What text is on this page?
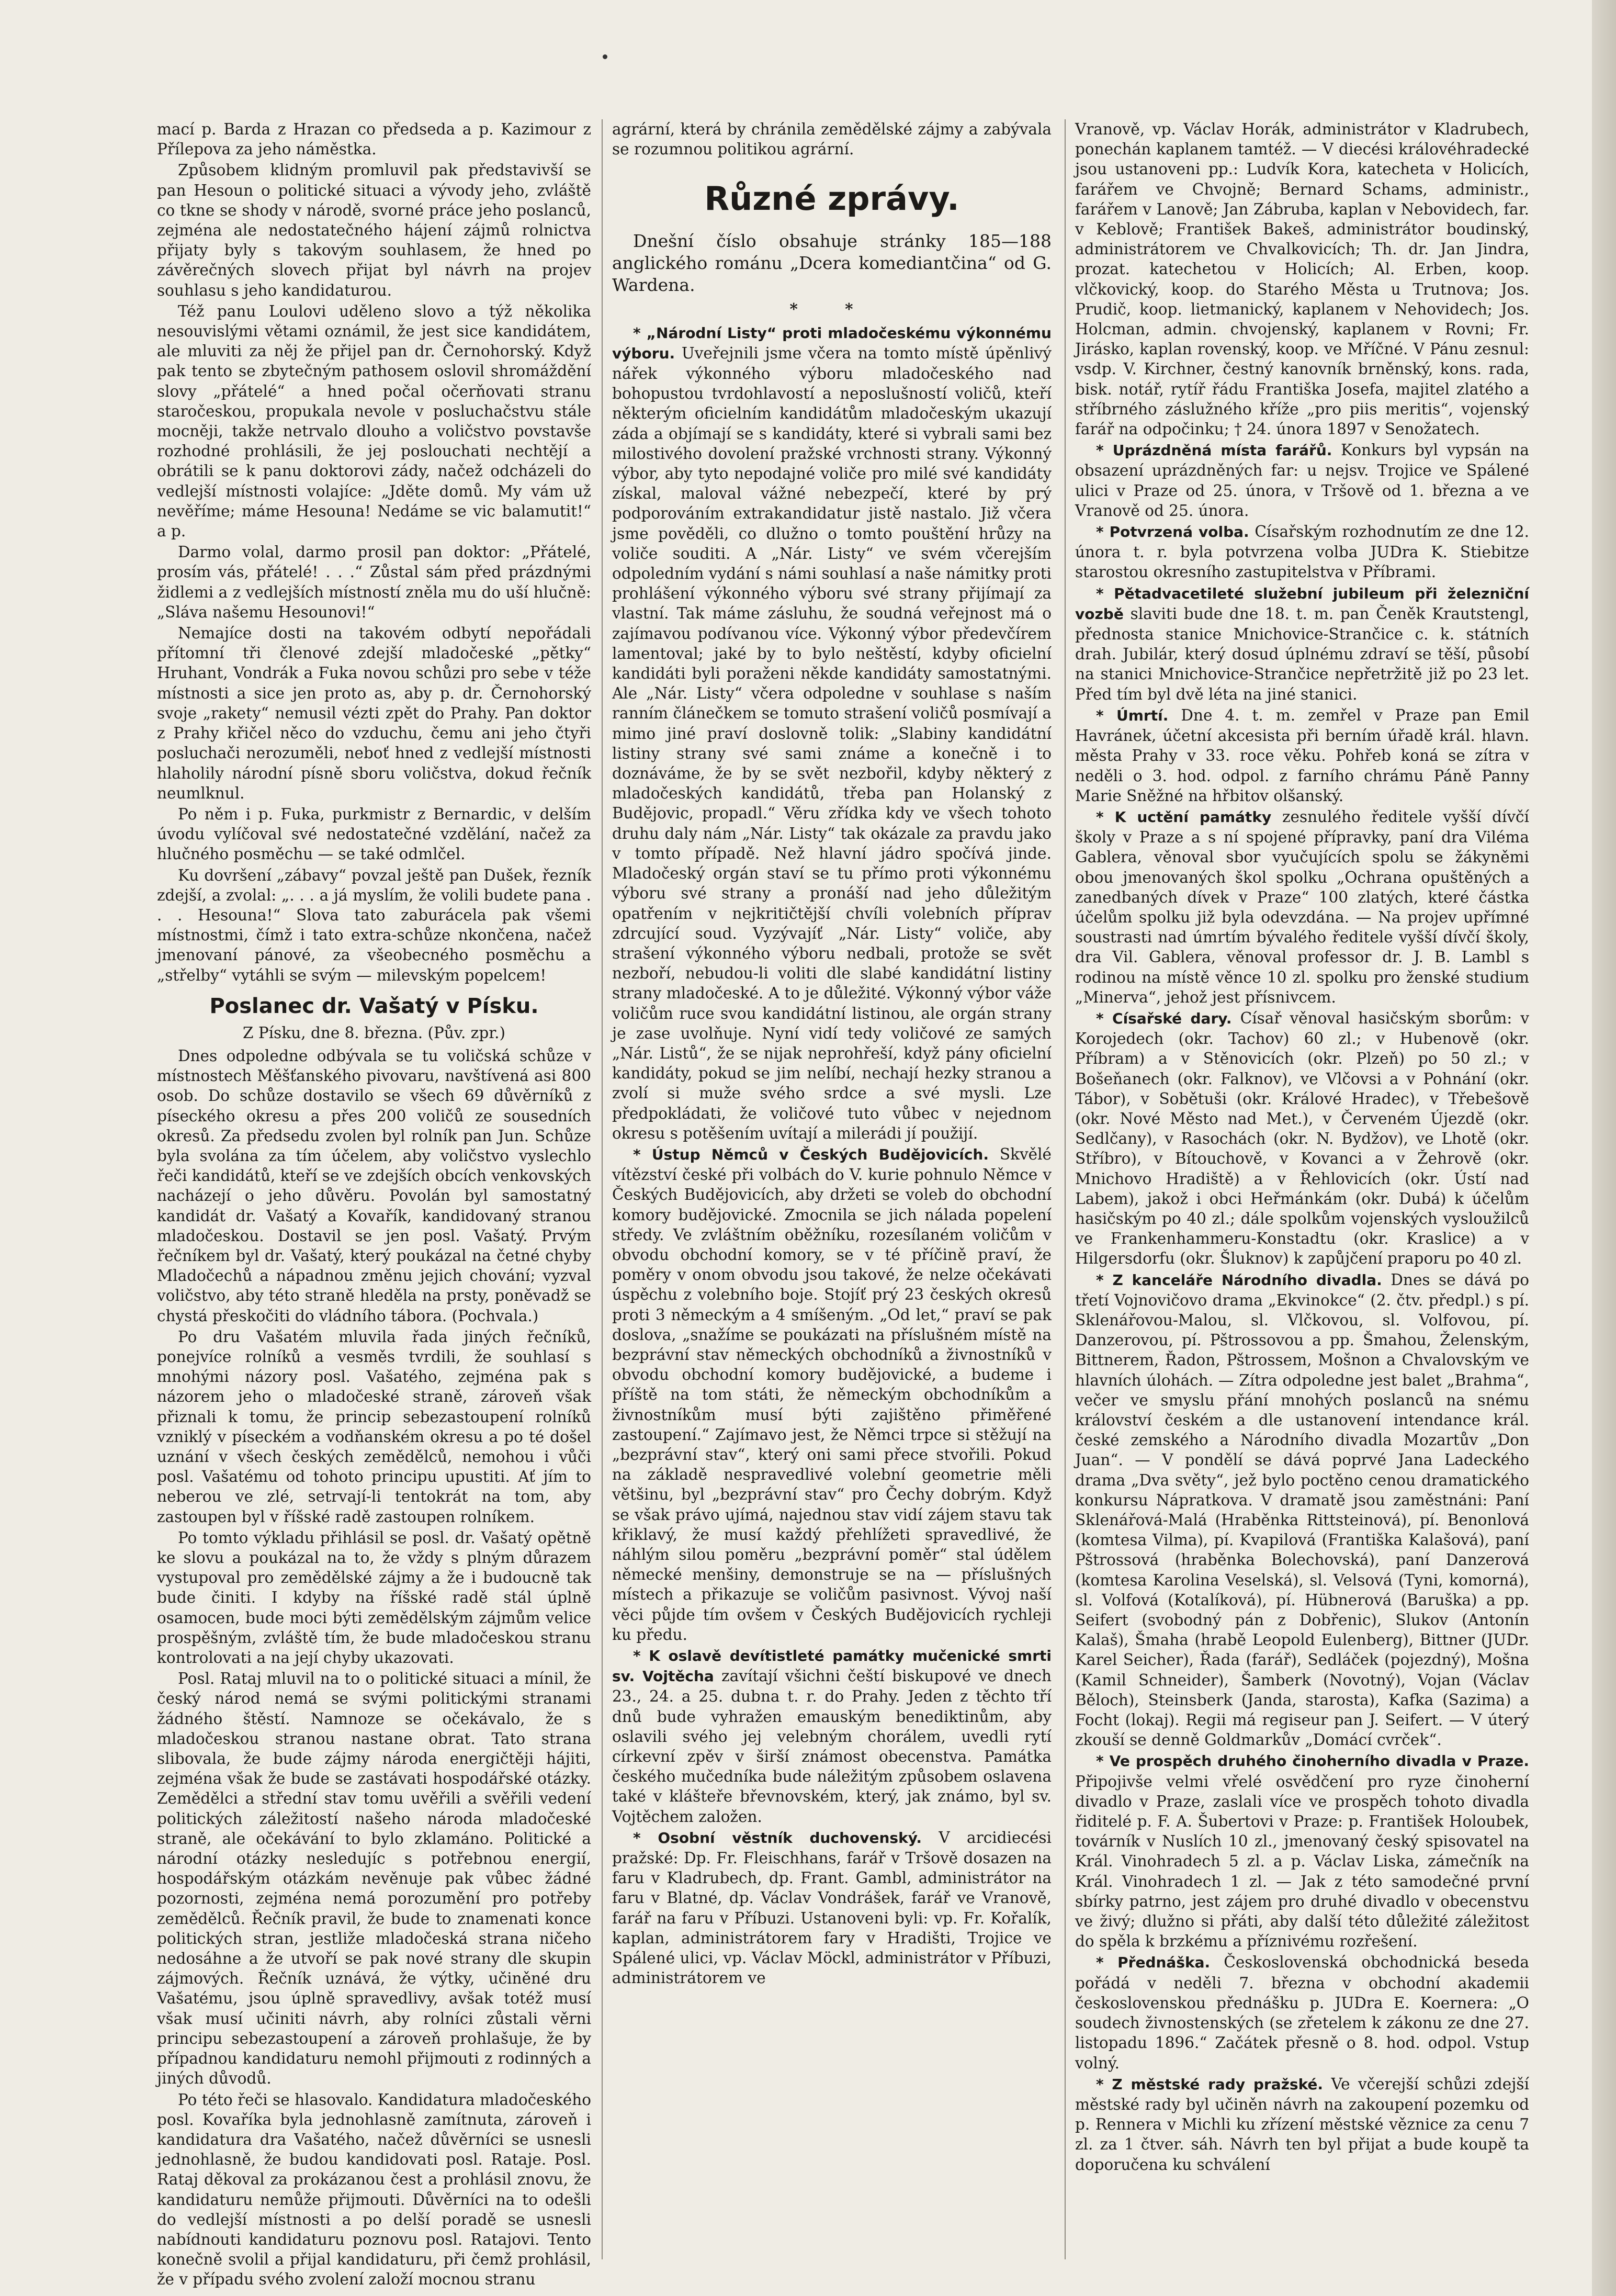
mací p. Barda z Hrazan co předseda a p. Kazimour z Přílepova za jeho náměstka.

Způsobem klidným promluvil pak představivší se pan Hesoun o politické situaci a vývody jeho, zvláště co tkne se shody v národě, svorné práce jeho poslanců, zejména ale nedostatečného hájení zájmů rolnictva přijaty byly s takovým souhlasem, že hned po závěrečných slovech přijat byl návrh na projev souhlasu s jeho kandidaturou.

Též panu Loulovi uděleno slovo a týž několika nesouvislými větami oznámil, že jest sice kandidátem, ale mluviti za něj že přijel pan dr. Černohorský. Když pak tento se zbytečným pathosem oslovil shromáždění slovy „přátelé“ a hned počal očerňovati stranu staročeskou, propukala nevole v posluchačstvu stále mocněji, takže netrvalo dlouho a voličstvo povstavše rozhodné prohlásili, že jej poslouchati nechtějí a obrátili se k panu doktorovi zády, načež odcházeli do vedlejší místnosti volajíce: „Jděte domů. My vám už nevěříme; máme Hesouna! Nedáme se vic balamutit!“ a p.

Darmo volal, darmo prosil pan doktor: „Přátelé, prosím vás, přátelé! . . .“ Zůstal sám před prázdnými židlemi a z vedlejších místností zněla mu do uší hlučně: „Sláva našemu Hesounovi!“

Nemajíce dosti na takovém odbytí nepořádali přítomní tři členové zdejší mladočeské „pětky“ Hruhant, Vondrák a Fuka novou schůzi pro sebe v téže místnosti a sice jen proto as, aby p. dr. Černohorský svoje „rakety“ nemusil vézti zpět do Prahy. Pan doktor z Prahy křičel něco do vzduchu, čemu ani jeho čtyři posluchači nerozuměli, neboť hned z vedlejší místnosti hlaholily národní písně sboru voličstva, dokud řečník neumlknul.

Po něm i p. Fuka, purkmistr z Bernardic, v delším úvodu vylíčoval své nedostatečné vzdělání, načež za hlučného posměchu — se také odmlčel.

Ku dovršení „zábavy“ povzal ještě pan Dušek, řezník zdejší, a zvolal: „. . . a já myslím, že volili budete pana . . . Hesouna!“ Slova tato zaburácela pak všemi místnostmi, čímž i tato extra-schůze nkončena, načež jmenovaní pánové, za všeobecného posměchu a „střelby“ vytáhli se svým — milevským popelcem!

Poslanec dr. Vašatý v Písku.

Z Písku, dne 8. března. (Pův. zpr.)

Dnes odpoledne odbývala se tu voličská schůze v místnostech Měšťanského pivovaru, navštívená asi 800 osob. Do schůze dostavilo se všech 69 důvěrníků z píseckého okresu a přes 200 voličů ze sousedních okresů. Za předsedu zvolen byl rolník pan Jun. Schůze byla svolána za tím účelem, aby voličstvo vyslechlo řeči kandidátů, kteří se ve zdejších obcích venkovských nacházejí o jeho důvěru. Povolán byl samostatný kandidát dr. Vašatý a Kovařík, kandidovaný stranou mladočeskou. Dostavil se jen posl. Vašatý. Prvým řečníkem byl dr. Vašatý, který poukázal na četné chyby Mladočechů a nápadnou změnu jejich chování; vyzval voličstvo, aby této straně hleděla na prsty, poněvadž se chystá přeskočiti do vládního tábora. (Pochvala.)

Po dru Vašatém mluvila řada jiných řečníků, ponejvíce rolníků a vesměs tvrdili, že souhlasí s mnohými názory posl. Vašatého, zejména pak s názorem jeho o mladočeské straně, zároveň však přiznali k tomu, že princip sebezastoupení rolníků vzniklý v píseckém a vodňanském okresu a po té došel uznání v všech českých zemědělců, nemohou i vůči posl. Vašatému od tohoto principu upustiti. Ať jím to neberou ve zlé, setrvají-li tentokrát na tom, aby zastoupen byl v říšské radě zastoupen rolníkem.

Po tomto výkladu přihlásil se posl. dr. Vašatý opětně ke slovu a poukázal na to, že vždy s plným důrazem vystupoval pro zemědělské zájmy a že i budoucně tak bude činiti. I kdyby na říšské radě stál úplně osamocen, bude moci býti zemědělským zájmům velice prospěšným, zvláště tím, že bude mladočeskou stranu kontrolovati a na její chyby ukazovati.

Posl. Rataj mluvil na to o politické situaci a mínil, že český národ nemá se svými politickými stranami žádného štěstí. Namnoze se očekávalo, že s mladočeskou stranou nastane obrat. Tato strana slibovala, že bude zájmy národa energičtěji hájiti, zejména však že bude se zastávati hospodářské otázky. Zemědělci a střední stav tomu uvěřili a svěřili vedení politických záležitostí našeho národa mladočeské straně, ale očekávání to bylo zklamáno. Politické a národní otázky nesledujíc s potřebnou energií, hospodářským otázkám nevěnuje pak vůbec žádné pozornosti, zejména nemá porozumění pro potřeby zemědělců. Řečník pravil, že bude to znamenati konce politických stran, jestliže mladočeská strana ničeho nedosáhne a že utvoří se pak nové strany dle skupin zájmových. Řečník uznává, že výtky, učiněné dru Vašatému, jsou úplně spravedlivy, avšak totéž musí však musí učiniti návrh, aby rolníci zůstali věrni principu sebezastoupení a zároveň prohlašuje, že by případnou kandidaturu nemohl přijmouti z rodinných a jiných důvodů.

Po této řeči se hlasovalo. Kandidatura mladočeského posl. Kovaříka byla jednohlasně zamítnuta, zároveň i kandidatura dra Vašatého, načež důvěrníci se usnesli jednohlasně, že budou kandidovati posl. Rataje. Posl. Rataj děkoval za prokázanou čest a prohlásil znovu, že kandidaturu nemůže přijmouti. Důvěrníci na to odešli do vedlejší místnosti a po delší poradě se usnesli nabídnouti kandidaturu poznovu posl. Ratajovi. Tento konečně svolil a přijal kandidaturu, při čemž prohlásil, že v případu svého zvolení založí mocnou stranu

agrární, která by chránila zemědělské zájmy a zabývala se rozumnou politikou agrární.

Různé zprávy.

Dnešní číslo obsahuje stránky 185—188 anglického románu „Dcera komediantčina“ od G. Wardena.

* *

* „Národní Listy“ proti mladočeskému výkonnému výboru. Uveřejnili jsme včera na tomto místě úpěnlivý nářek výkonného výboru mladočeského nad bohopustou tvrdohlavostí a neposlušností voličů, kteří některým oficielním kandidátům mladočeským ukazují záda a objímají se s kandidáty, které si vybrali sami bez milostivého dovolení pražské vrchnosti strany. Výkonný výbor, aby tyto nepodajné voliče pro milé své kandidáty získal, maloval vážné nebezpečí, které by prý podporováním extrakandidatur jistě nastalo. Již včera jsme pověděli, co dlužno o tomto pouštění hrůzy na voliče souditi. A „Nár. Listy“ ve svém včerejším odpoledním vydání s námi souhlasí a naše námitky proti prohlášení výkonného výboru své strany přijímají za vlastní. Tak máme zásluhu, že soudná veřejnost má o zajímavou podívanou více. Výkonný výbor předevčírem lamentoval; jaké by to bylo neštěstí, kdyby oficielní kandidáti byli poraženi někde kandidáty samostatnými. Ale „Nár. Listy“ včera odpoledne v souhlase s naším ranním článečkem se tomuto strašení voličů posmívají a mimo jiné praví doslovně tolik: „Slabiny kandidátní listiny strany své sami známe a konečně i to doznáváme, že by se svět nezbořil, kdyby některý z mladočeských kandidátů, třeba pan Holanský z Budějovic, propadl.“ Věru zřídka kdy ve všech tohoto druhu daly nám „Nár. Listy“ tak okázale za pravdu jako v tomto případě. Než hlavní jádro spočívá jinde. Mladočeský orgán staví se tu přímo proti výkonnému výboru své strany a pronáší nad jeho důležitým opatřením v nejkritičtější chvíli volebních příprav zdrcující soud. Vyzývajíť „Nár. Listy“ voliče, aby strašení výkonného výboru nedbali, protože se svět nezboří, nebudou-li voliti dle slabé kandidátní listiny strany mladočeské. A to je důležité. Výkonný výbor váže voličům ruce svou kandidátní listinou, ale orgán strany je zase uvolňuje. Nyní vidí tedy voličové ze samých „Nár. Listů“, že se nijak neprohřeší, když pány oficielní kandidáty, pokud se jim nelíbí, nechají hezky stranou a zvolí si muže svého srdce a své mysli. Lze předpokládati, že voličové tuto vůbec v nejednom okresu s potěšením uvítají a milerádi jí použijí.

* Ústup Němců v Českých Budějovicích. Skvělé vítězství české při volbách do V. kurie pohnulo Němce v Českých Budějovicích, aby držeti se voleb do obchodní komory budějovické. Zmocnila se jich nálada popelení středy. Ve zvláštním oběžníku, rozesílaném voličům v obvodu obchodní komory, se v té příčině praví, že poměry v onom obvodu jsou takové, že nelze očekávati úspěchu z volebního boje. Stojíť prý 23 českých okresů proti 3 německým a 4 smíšeným. „Od let,“ praví se pak doslova, „snažíme se poukázati na příslušném místě na bezprávní stav německých obchodníků a živnostníků v obvodu obchodní komory budějovické, a budeme i příště na tom státi, že německým obchodníkům a živnostníkům musí býti zajištěno přiměřené zastoupení.“ Zajímavo jest, že Němci trpce si stěžují na „bezprávní stav“, který oni sami přece stvořili. Pokud na základě nespravedlivé volební geometrie měli většinu, byl „bezprávní stav“ pro Čechy dobrým. Když se však právo ujímá, najednou stav vidí zájem stavu tak křiklavý, že musí každý přehlížeti spravedlivé, že náhlým silou poměru „bezprávní poměr“ stal údělem německé menšiny, demonstruje se na — příslušných místech a přikazuje se voličům pasivnost. Vývoj naší věci půjde tím ovšem v Českých Budějovicích rychleji ku předu.

* K oslavě devítistleté památky mučenické smrti sv. Vojtěcha zavítají všichni čeští biskupové ve dnech 23., 24. a 25. dubna t. r. do Prahy. Jeden z těchto tří dnů bude vyhražen emauským benediktinům, aby oslavili svého jej velebným chorálem, uvedli rytí církevní zpěv v širší známost obecenstva. Památka českého mučedníka bude náležitým způsobem oslavena také v klášteře břevnovském, který, jak známo, byl sv. Vojtěchem založen.

* Osobní věstník duchovenský. V arcidiecési pražské: Dp. Fr. Fleischhans, farář v Tršově dosazen na faru v Kladrubech, dp. Frant. Gambl, administrátor na faru v Blatné, dp. Václav Vondrášek, farář ve Vranově, farář na faru v Příbuzi. Ustanoveni byli: vp. Fr. Kořalík, kaplan, administrátorem fary v Hradišti, Trojice ve Spálené ulici, vp. Václav Möckl, administrátor v Příbuzi, administrátorem ve

Vranově, vp. Václav Horák, administrátor v Kladrubech, ponechán kaplanem tamtéž. — V diecési královéhradecké jsou ustanoveni pp.: Ludvík Kora, katecheta v Holicích, farářem ve Chvojně; Bernard Schams, administr., farářem v Lanově; Jan Zábruba, kaplan v Nebovidech, far. v Keblově; František Bakeš, administrátor boudinský, administrátorem ve Chvalkovicích; Th. dr. Jan Jindra, prozat. katechetou v Holicích; Al. Erben, koop. vlčkovický, koop. do Starého Města u Trutnova; Jos. Prudič, koop. lietmanický, kaplanem v Nehovidech; Jos. Holcman, admin. chvojenský, kaplanem v Rovni; Fr. Jirásko, kaplan rovenský, koop. ve Mříčné. V Pánu zesnul: vsdp. V. Kirchner, čestný kanovník brněnský, kons. rada, bisk. notář, rytíř řádu Františka Josefa, majitel zlatého a stříbrného záslužného kříže „pro piis meritis“, vojenský farář na odpočinku; † 24. února 1897 v Senožatech.

* Uprázdněná místa farářů. Konkurs byl vypsán na obsazení uprázdněných far: u nejsv. Trojice ve Spálené ulici v Praze od 25. února, v Tršově od 1. března a ve Vranově od 25. února.

* Potvrzená volba. Císařským rozhodnutím ze dne 12. února t. r. byla potvrzena volba JUDra K. Stiebitze starostou okresního zastupitelstva v Příbrami.

* Pětadvacetileté služební jubileum při železniční vozbě slaviti bude dne 18. t. m. pan Čeněk Krautstengl, přednosta stanice Mnichovice-Strančice c. k. státních drah. Jubilár, který dosud úplnému zdraví se těší, působí na stanici Mnichovice-Strančice nepřetržitě již po 23 let. Před tím byl dvě léta na jiné stanici.

* Úmrtí. Dne 4. t. m. zemřel v Praze pan Emil Havránek, účetní akcesista při berním úřadě král. hlavn. města Prahy v 33. roce věku. Pohřeb koná se zítra v neděli o 3. hod. odpol. z farního chrámu Páně Panny Marie Sněžné na hřbitov olšanský.

* K uctění památky zesnulého ředitele vyšší dívčí školy v Praze a s ní spojené přípravky, paní dra Viléma Gablera, věnoval sbor vyučujících spolu se žákyněmi obou jmenovaných škol spolku „Ochrana opuštěných a zanedbaných dívek v Praze“ 100 zlatých, které částka účelům spolku již byla odevzdána. — Na projev upřímné soustrasti nad úmrtím bývalého ředitele vyšší dívčí školy, dra Vil. Gablera, věnoval professor dr. J. B. Lambl s rodinou na místě věnce 10 zl. spolku pro ženské studium „Minerva“, jehož jest přísnivcem.

* Císařské dary. Císař věnoval hasičským sborům: v Korojedech (okr. Tachov) 60 zl.; v Hubenově (okr. Příbram) a v Stěnovicích (okr. Plzeň) po 50 zl.; v Bošeňanech (okr. Falknov), ve Vlčovsi a v Pohnání (okr. Tábor), v Sobětuši (okr. Králové Hradec), v Třebešově (okr. Nové Město nad Met.), v Červeném Újezdě (okr. Sedlčany), v Rasochách (okr. N. Bydžov), ve Lhotě (okr. Stříbro), v Bítouchově, v Kovanci a v Žehrově (okr. Mnichovo Hradiště) a v Řehlovicích (okr. Ústí nad Labem), jakož i obci Heřmánkám (okr. Dubá) k účelům hasičským po 40 zl.; dále spolkům vojenských vysloužilců ve Frankenhammeru-Konstadtu (okr. Kraslice) a v Hilgersdorfu (okr. Šluknov) k zapůjčení praporu po 40 zl.

* Z kanceláře Národního divadla. Dnes se dává po třetí Vojnovičovo drama „Ekvinokce“ (2. čtv. předpl.) s pí. Sklenářovou-Malou, sl. Vlčkovou, sl. Volfovou, pí. Danzerovou, pí. Pštrossovou a pp. Šmahou, Želenským, Bittnerem, Řadon, Pštrossem, Mošnon a Chvalovským ve hlavních úlohách. — Zítra odpoledne jest balet „Brahma“, večer ve smyslu přání mnohých poslanců na snému království českém a dle ustanovení intendance král. české zemského a Národního divadla Mozartův „Don Juan“. — V pondělí se dává poprvé Jana Ladeckého drama „Dva světy“, jež bylo poctěno cenou dramatického konkursu Nápratkova. V dramatě jsou zaměstnáni: Paní Sklenářová-Malá (Hraběnka Rittsteinová), pí. Benonlová (komtesa Vilma), pí. Kvapilová (Františka Kalašová), paní Pštrossová (hraběnka Bolechovská), paní Danzerová (komtesa Karolina Veselská), sl. Velsová (Tyni, komorná), sl. Volfová (Kotalíková), pí. Hübnerová (Baruška) a pp. Seifert (svobodný pán z Dobřenic), Slukov (Antonín Kalaš), Šmaha (hrabě Leopold Eulenberg), Bittner (JUDr. Karel Seicher), Řada (farář), Sedláček (pojezdný), Mošna (Kamil Schneider), Šamberk (Novotný), Vojan (Václav Běloch), Steinsberk (Janda, starosta), Kafka (Sazima) a Focht (lokaj). Regii má regiseur pan J. Seifert. — V úterý zkouší se denně Goldmarkův „Domácí cvrček“.

* Ve prospěch druhého činoherního divadla v Praze. Připojivše velmi vřelé osvědčení pro ryze činoherní divadlo v Praze, zaslali více ve prospěch tohoto divadla řiditelé p. F. A. Šubertovi v Praze: p. František Holoubek, továrník v Nuslích 10 zl., jmenovaný český spisovatel na Král. Vinohradech 5 zl. a p. Václav Liska, zámečník na Král. Vinohradech 1 zl. — Jak z této samodečné první sbírky patrno, jest zájem pro druhé divadlo v obecenstvu ve živý; dlužno si přáti, aby další této důležité záležitost do spěla k brzkému a příznivému rozřešení.

* Přednáška. Československá obchodnická beseda pořádá v neděli 7. března v obchodní akademii československou přednášku p. JUDra E. Koernera: „O soudech živnostenských (se zřetelem k zákonu ze dne 27. listopadu 1896.“ Začátek přesně o 8. hod. odpol. Vstup volný.

* Z městské rady pražské. Ve včerejší schůzi zdejší městské rady byl učiněn návrh na zakoupení pozemku od p. Rennera v Michli ku zřízení městské věznice za cenu 7 zl. za 1 čtver. sáh. Návrh ten byl přijat a bude koupě ta doporučena ku schválení
